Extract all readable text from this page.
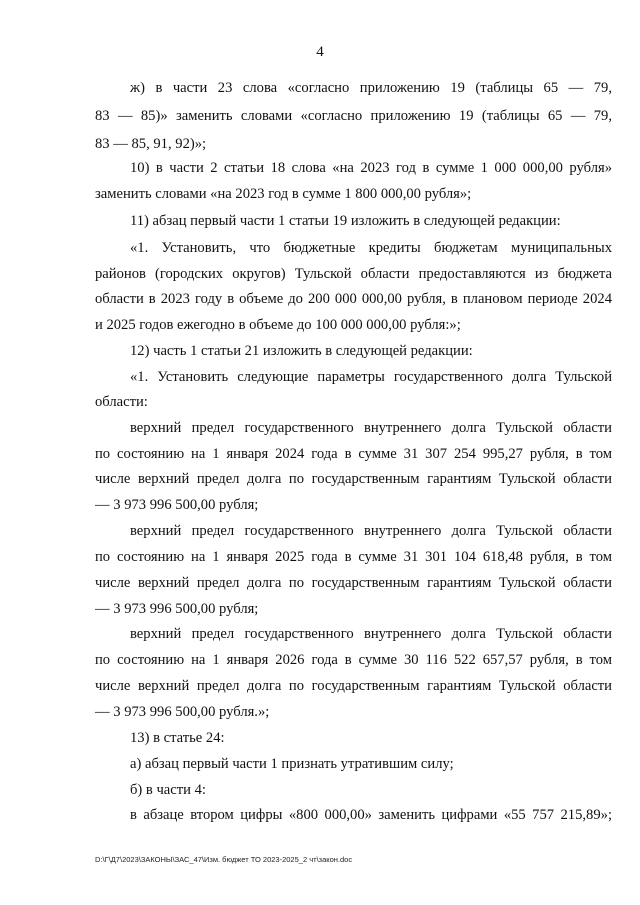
4
ж) в части 23 слова «согласно приложению 19 (таблицы 65 — 79,
83 — 85)» заменить словами «согласно приложению 19 (таблицы 65 — 79,
83 — 85, 91, 92)»;
10) в части 2 статьи 18 слова «на 2023 год в сумме 1 000 000,00 рубля»
заменить словами «на 2023 год в сумме 1 800 000,00 рубля»;
11) абзац первый части 1 статьи 19 изложить в следующей редакции:
«1. Установить, что бюджетные кредиты бюджетам муниципальных
районов (городских округов) Тульской области предоставляются из бюджета
области в 2023 году в объеме до 200 000 000,00 рубля, в плановом периоде 2024
и 2025 годов ежегодно в объеме до 100 000 000,00 рубля:»;
12) часть 1 статьи 21 изложить в следующей редакции:
«1. Установить следующие параметры государственного долга Тульской
области:
верхний предел государственного внутреннего долга Тульской области
по состоянию на 1 января 2024 года в сумме 31 307 254 995,27 рубля, в том
числе верхний предел долга по государственным гарантиям Тульской области
— 3 973 996 500,00 рубля;
верхний предел государственного внутреннего долга Тульской области
по состоянию на 1 января 2025 года в сумме 31 301 104 618,48 рубля, в том
числе верхний предел долга по государственным гарантиям Тульской области
— 3 973 996 500,00 рубля;
верхний предел государственного внутреннего долга Тульской области
по состоянию на 1 января 2026 года в сумме 30 116 522 657,57 рубля, в том
числе верхний предел долга по государственным гарантиям Тульской области
— 3 973 996 500,00 рубля.»;
13) в статье 24:
а) абзац первый части 1 признать утратившим силу;
б) в части 4:
в абзаце втором цифры «800 000,00» заменить цифрами «55 757 215,89»;
D:\Г\Д7\2023\ЗАКОНЫ\ЗАС_47\Изм. бюджет ТО 2023-2025_2 чт\закон.doc
